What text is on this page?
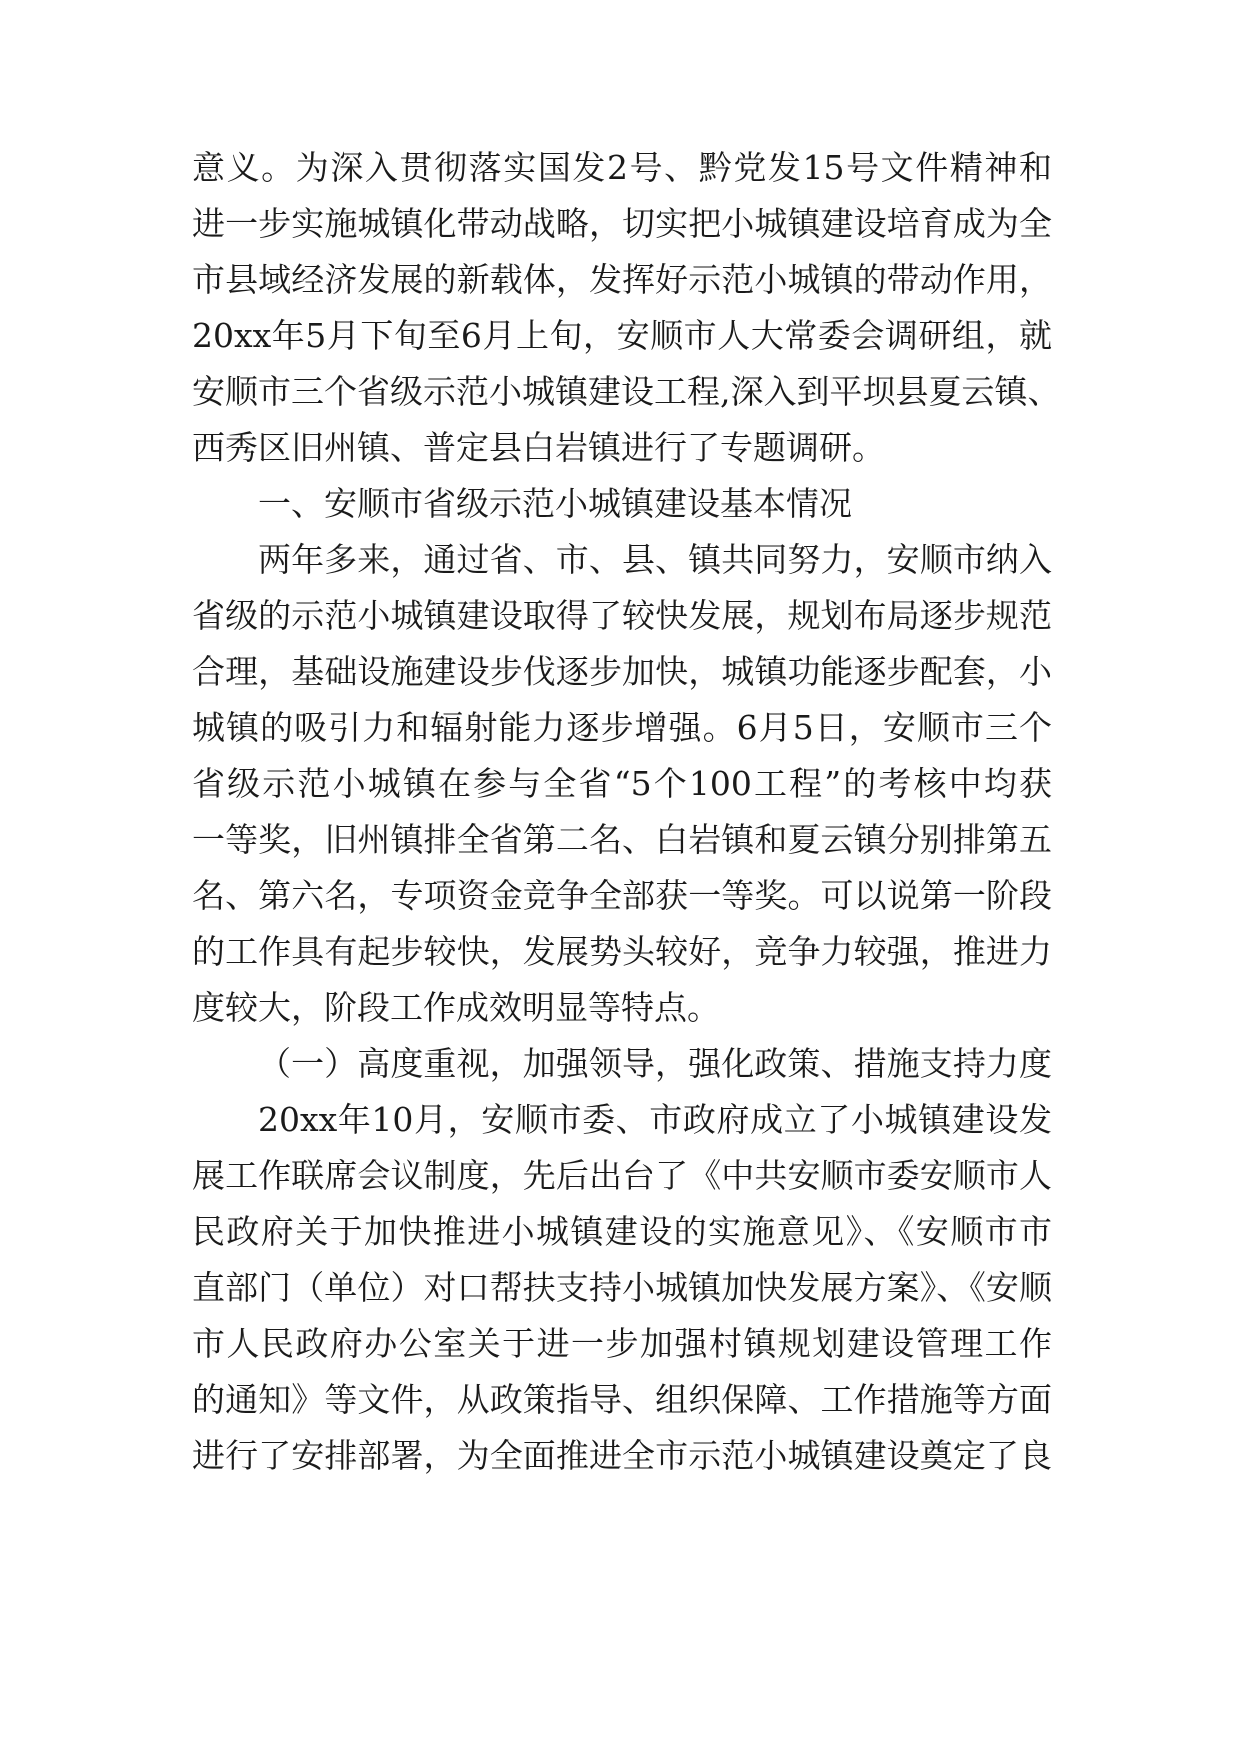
意义。为深入贯彻落实国发2号、黔党发15号文件精神和
进一步实施城镇化带动战略，切实把小城镇建设培育成为全
市县域经济发展的新载体，发挥好示范小城镇的带动作用，
20xx年5月下旬至6月上旬，安顺市人大常委会调研组，就
安顺市三个省级示范小城镇建设工程,深入到平坝县夏云镇、
西秀区旧州镇、普定县白岩镇进行了专题调研。
一、安顺市省级示范小城镇建设基本情况
两年多来，通过省、市、县、镇共同努力，安顺市纳入
省级的示范小城镇建设取得了较快发展，规划布局逐步规范
合理，基础设施建设步伐逐步加快，城镇功能逐步配套，小
城镇的吸引力和辐射能力逐步增强。6月5日，安顺市三个
省级示范小城镇在参与全省“5个100工程”的考核中均获
一等奖，旧州镇排全省第二名、白岩镇和夏云镇分别排第五
名、第六名，专项资金竞争全部获一等奖。可以说第一阶段
的工作具有起步较快，发展势头较好，竞争力较强，推进力
度较大，阶段工作成效明显等特点。
（一）高度重视，加强领导，强化政策、措施支持力度
20xx年10月，安顺市委、市政府成立了小城镇建设发
展工作联席会议制度，先后出台了《中共安顺市委安顺市人
民政府关于加快推进小城镇建设的实施意见》、《安顺市市
直部门（单位）对口帮扶支持小城镇加快发展方案》、《安顺
市人民政府办公室关于进一步加强村镇规划建设管理工作
的通知》等文件，从政策指导、组织保障、工作措施等方面
进行了安排部署，为全面推进全市示范小城镇建设奠定了良
